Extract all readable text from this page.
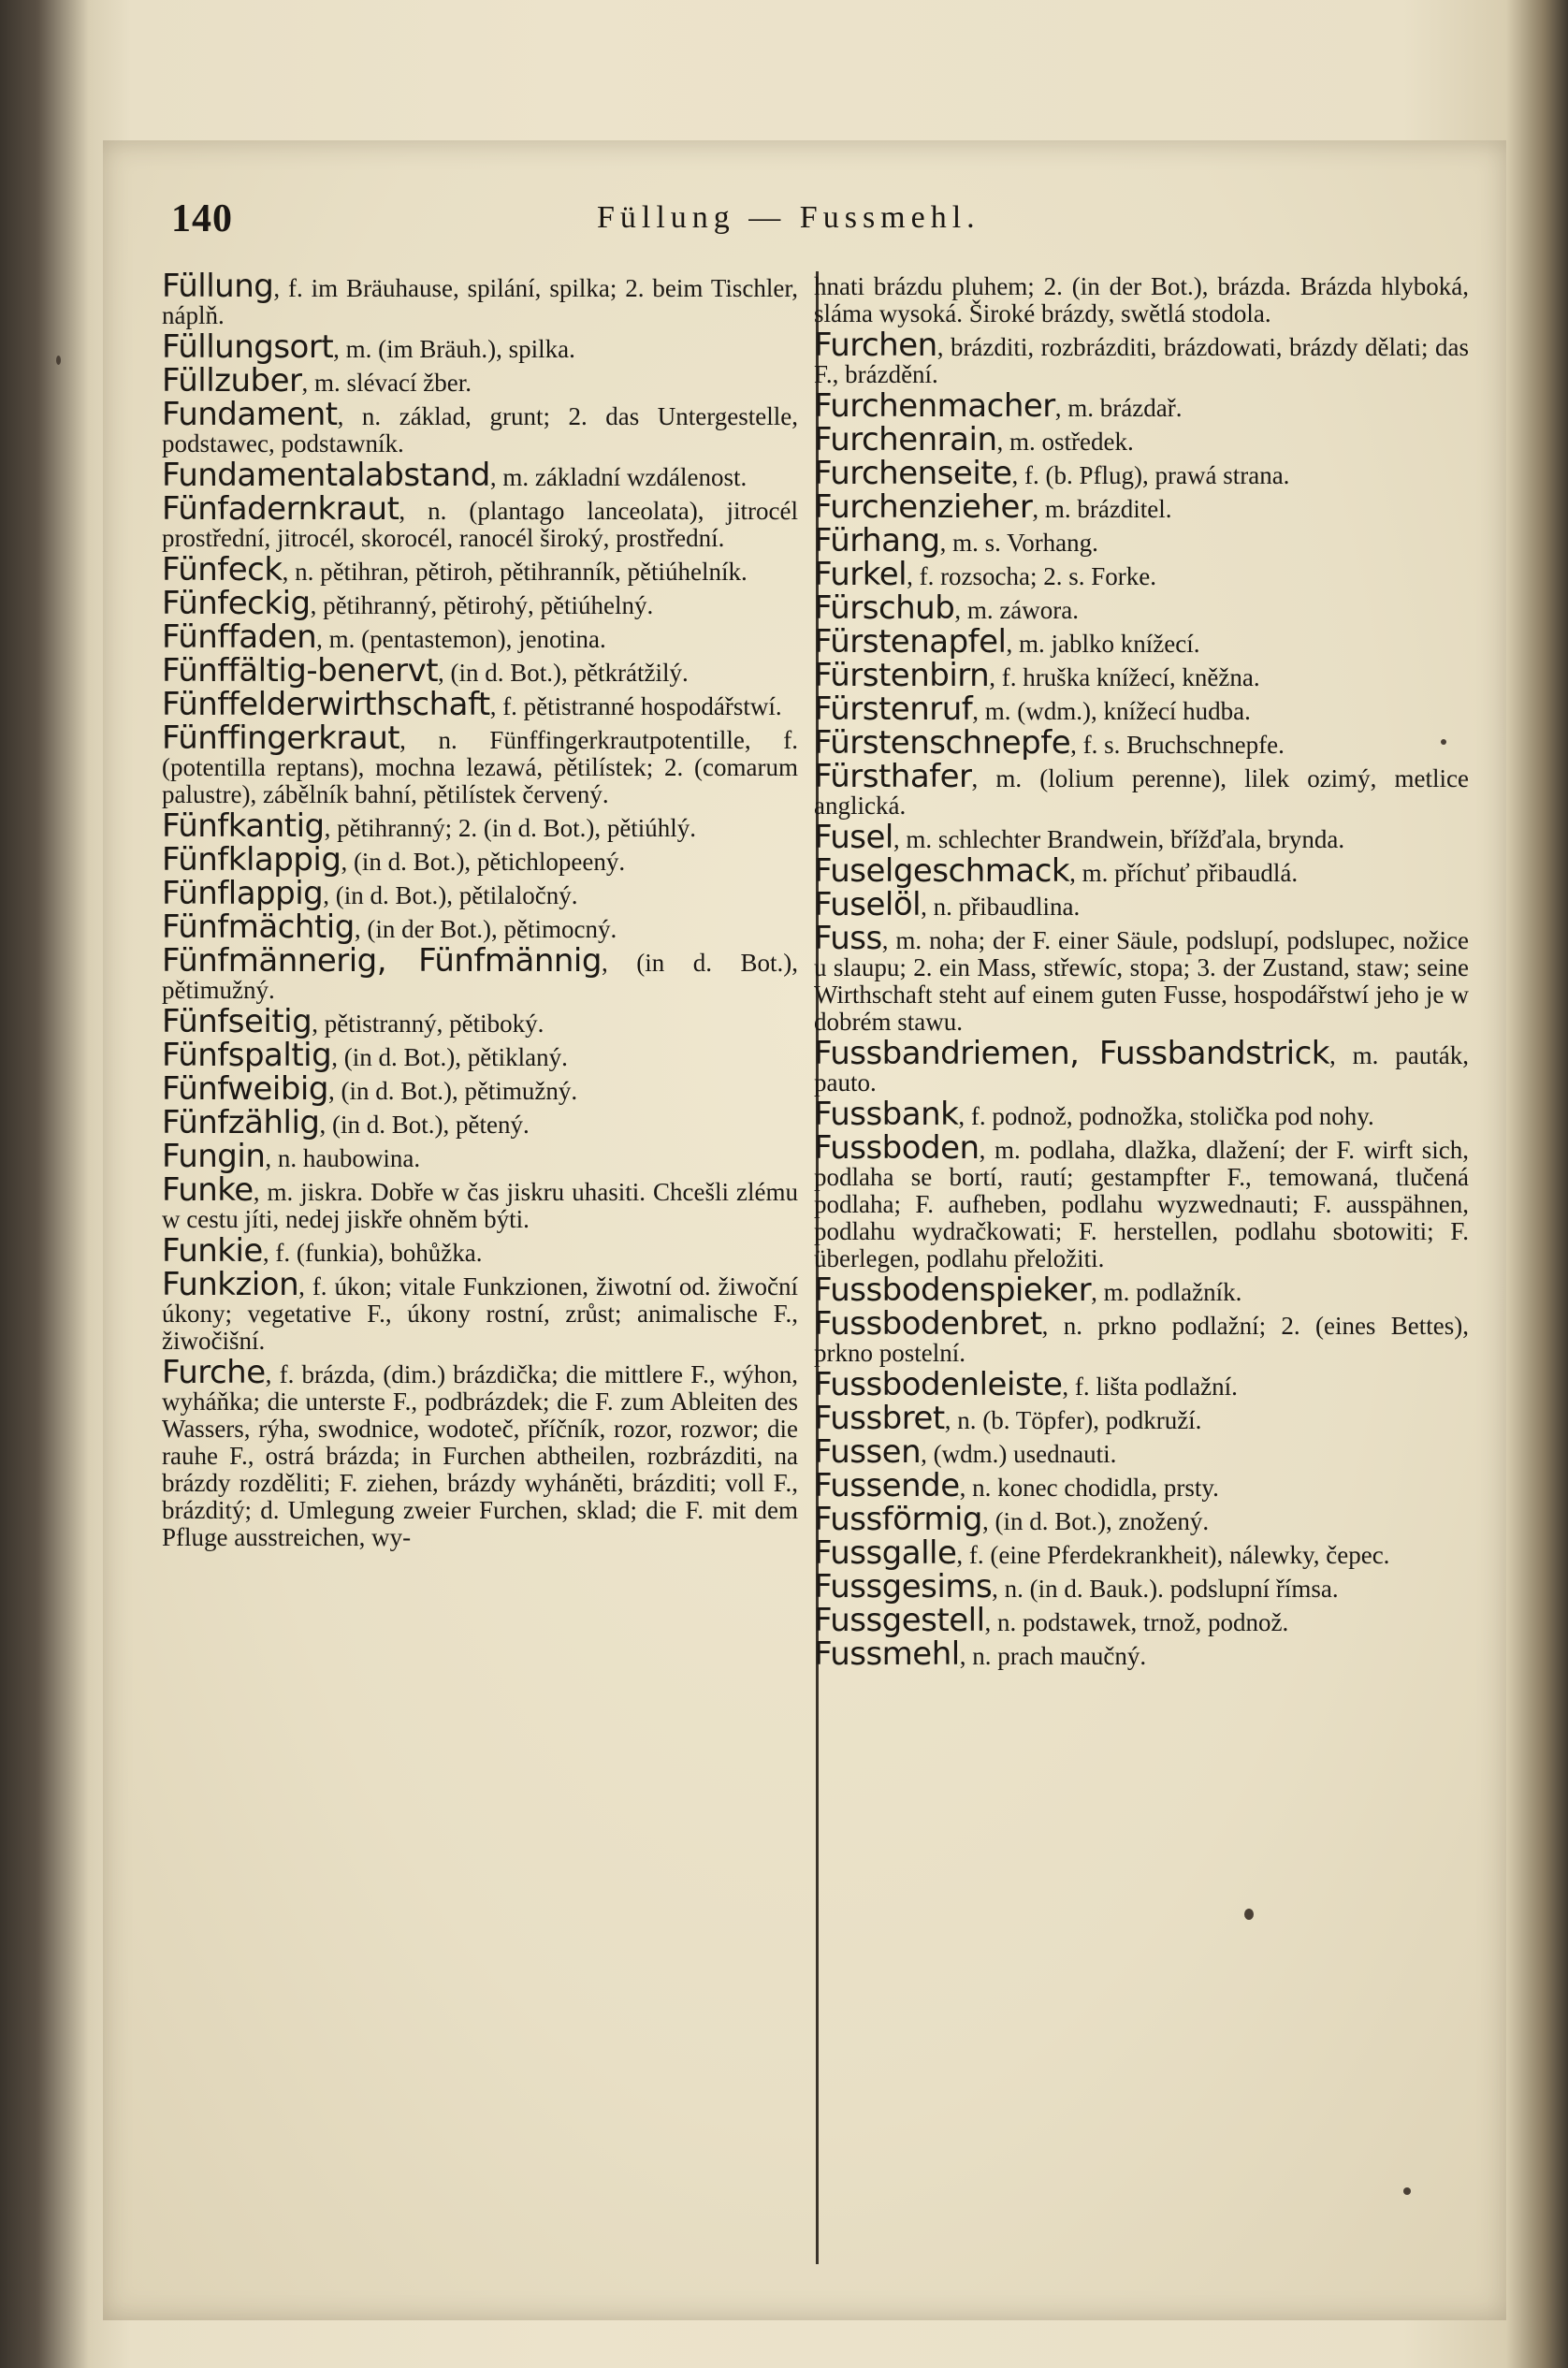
140	Füllung — Fussmehl.
Füllung, f. im Bräuhause, spilání, spilka; 2. beim Tischler, náplň.
Füllungsort, m. (im Bräuh.), spilka.
Füllzuber, m. slévací žber.
Fundament, n. základ, grunt; 2. das Untergestelle, podstawec, podstawník.
Fundamentalabstand, m. základní wzdálenost.
Fünfadernkraut, n. (plantago lanceolata), jitrocél prostřední, jitrocél, skorocél, ranocél široký, prostřední.
Fünfeck, n. pětihran, pětiroh, pětihranník, pětiúhelník.
Fünfeckig, pětihranný, pětirohý, pětiúhelný.
Fünffaden, m. (pentastemon), jenotina.
Fünffältig-benervt, (in d. Bot.), pětkrátžilý.
Fünffelderwirthschaft, f. pětistranné hospodářstwí.
Fünffingerkraut, n. Fünffingerkrautpotentille, f. (potentilla reptans), mochna lezawá, pětilístek; 2. (comarum palustre), zábělník bahní, pětilístek červený.
Fünfkantig, pětihranný; 2. (in d. Bot.), pětiúhlý.
Fünfklappig, (in d. Bot.), pětichlopeený.
Fünflappig, (in d. Bot.), pětilaločný.
Fünfmächtig, (in der Bot.), pětimocný.
Fünfmännerig, Fünfmännig, (in d. Bot.), pětimužný.
Fünfseitig, pětistranný, pětiboký.
Fünfspaltig, (in d. Bot.), pětiklaný.
Fünfweibig, (in d. Bot.), pětimužný.
Fünfzählig, (in d. Bot.), pětený.
Fungin, n. haubowina.
Funke, m. jiskra. Dobře w čas jiskru uhasiti. Chcešli zlému w cestu jíti, nedej jiskře ohněm býti.
Funkie, f. (funkia), bohůžka.
Funkzion, f. úkon; vitale Funkzionen, žiwotní od. žiwoční úkony; vegetative F., úkony rostní, zrůst; animalische F., žiwočišní.
Furche, f. brázda, (dim.) brázdička; die mittlere F., wýhon, wyháňka; die unterste F., podbrázdek; die F. zum Ableiten des Wassers, rýha, swodnice, wodoteč, příčník, rozor, rozwor; die rauhe F., ostrá brázda; in Furchen abtheilen, rozbrázditi, na brázdy rozděliti; F. ziehen, brázdy wyháněti, brázditi; voll F., brázditý; d. Umlegung zweier Furchen, sklad; die F. mit dem Pfluge ausstreichen, wy-
hnati brázdu pluhem; 2. (in der Bot.), brázda. Brázda hlyboká, sláma wysoká. Široké brázdy, swětlá stodola.
Furchen, brázditi, rozbrázditi, brázdowati, brázdy dělati; das F., brázdění.
Furchenmacher, m. brázdař.
Furchenrain, m. ostředek.
Furchenseite, f. (b. Pflug), prawá strana.
Furchenzieher, m. brázditel.
Fürhang, m. s. Vorhang.
Furkel, f. rozsocha; 2. s. Forke.
Fürschub, m. záwora.
Fürstenapfel, m. jablko knížecí.
Fürstenbirn, f. hruška knížecí, kněžna.
Fürstenruf, m. (wdm.), knížecí hudba.
Fürstenschnepfe, f. s. Bruchschnepfe.
Fürsthafer, m. (lolium perenne), lilek ozimý, metlice anglická.
Fusel, m. schlechter Brandwein, břížďala, brynda.
Fuselgeschmack, m. příchuť přibaudlá.
Fuselöl, n. přibaudlina.
Fuss, m. noha; der F. einer Säule, podslupí, podslupec, nožice u slaupu; 2. ein Mass, střewíc, stopa; 3. der Zustand, staw; seine Wirthschaft steht auf einem guten Fusse, hospodářstwí jeho je w dobrém stawu.
Fussbandriemen, Fussbandstrick, m. pauták, pauto.
Fussbank, f. podnož, podnožka, stolička pod nohy.
Fussboden, m. podlaha, dlažka, dlažení; der F. wirft sich, podlaha se bortí, rautí; gestampfter F., temowaná, tlučená podlaha; F. aufheben, podlahu wyzwednauti; F. ausspähnen, podlahu wydračkowati; F. herstellen, podlahu sbotowiti; F. überlegen, podlahu přeložiti.
Fussbodenspieker, m. podlažník.
Fussbodenbret, n. prkno podlažní; 2. (eines Bettes), prkno postelní.
Fussbodenleiste, f. lišta podlažní.
Fussbret, n. (b. Töpfer), podkruží.
Fussen, (wdm.) usednauti.
Fussende, n. konec chodidla, prsty.
Fussförmig, (in d. Bot.), znožený.
Fussgalle, f. (eine Pferdekrankheit), nálewky, čepec.
Fussgesims, n. (in d. Bauk.). podslupní římsa.
Fussgestell, n. podstawek, trnož, podnož.
Fussmehl, n. prach maučný.
